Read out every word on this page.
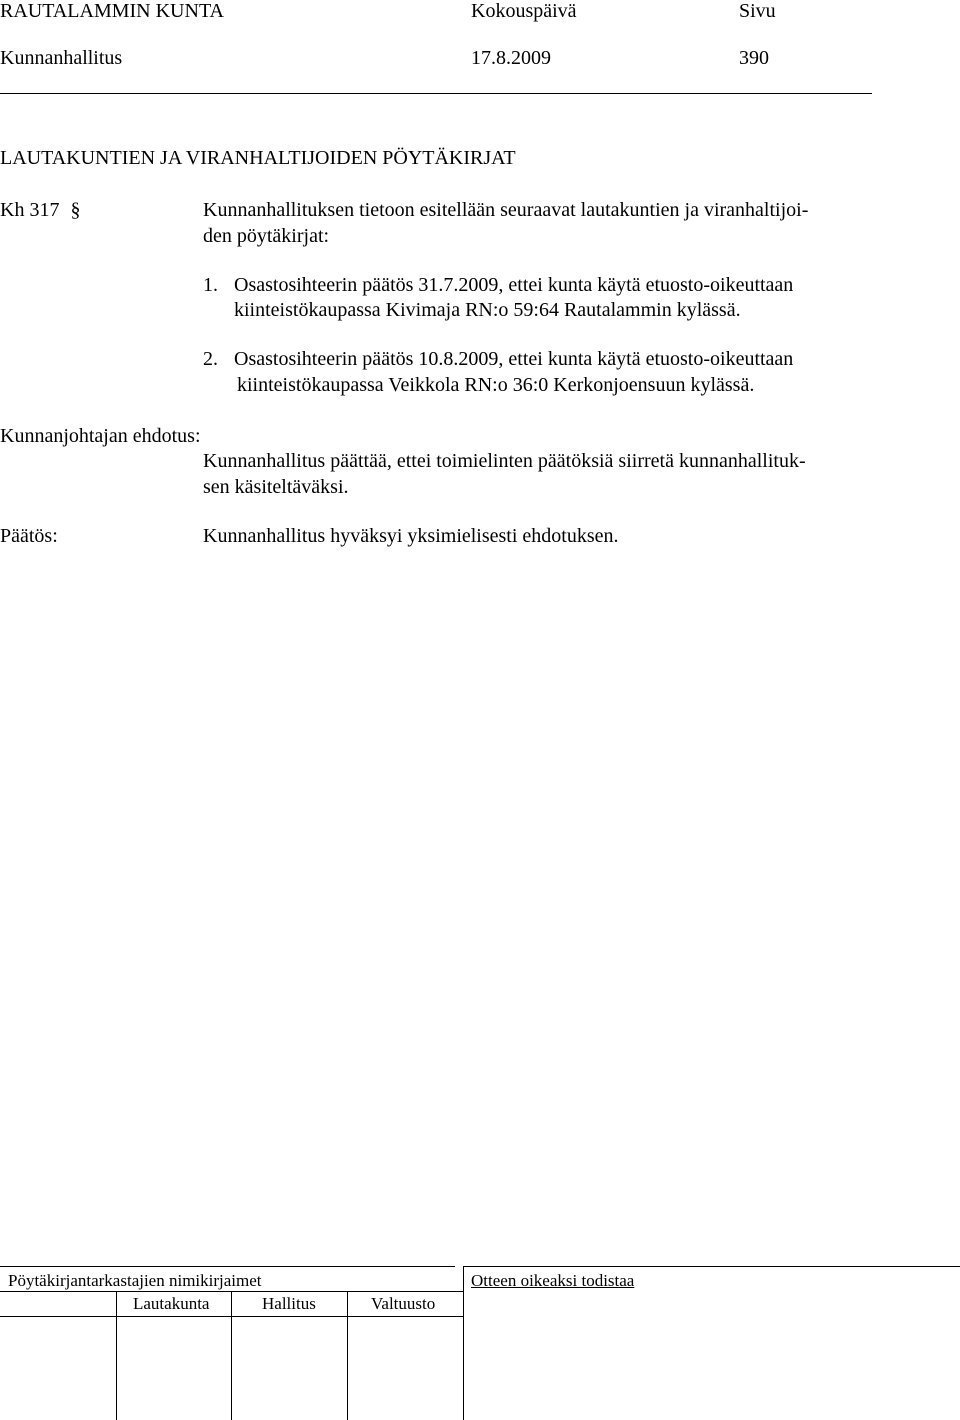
RAUTALAMMIN KUNTA	Kokouspäivä	Sivu
Kunnanhallitus	17.8.2009	390
LAUTAKUNTIEN JA VIRANHALTIJOIDEN PÖYTÄKIRJAT
Kh 317 §	Kunnanhallituksen tietoon esitellään seuraavat lautakuntien ja viranhaltijoi-
den pöytäkirjat:
1. Osastosihteerin päätös 31.7.2009, ettei kunta käytä etuosto-oikeuttaan
kiinteistökaupassa Kivimaja RN:o 59:64 Rautalammin kylässä.
2. Osastosihteerin päätös 10.8.2009, ettei kunta käytä etuosto-oikeuttaan
kiinteistökaupassa Veikkola RN:o 36:0 Kerkonjoensuun kylässä.
Kunnanjohtajan ehdotus:
Kunnanhallitus päättää, ettei toimielinten päätöksiä siirretä kunnanhallituk-
sen käsiteltäväksi.
Päätös:	Kunnanhallitus hyväksyi yksimielisesti ehdotuksen.
Pöytäkirjantarkastajien nimikirjaimet	Otteen oikeaksi todistaa
Lautakunta	Hallitus	Valtuusto
